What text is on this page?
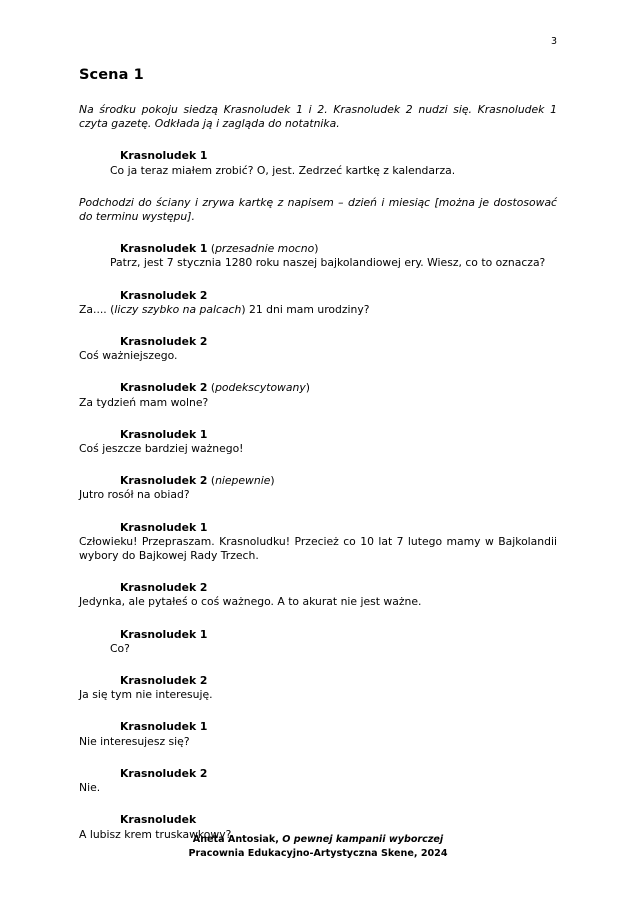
3
Scena 1

Na środku pokoju siedzą Krasnoludek 1 i 2. Krasnoludek 2 nudzi się. Krasnoludek 1 czyta gazetę. Odkłada ją i zagląda do notatnika.

Krasnoludek 1

Co ja teraz miałem zrobić? O, jest. Zedrzeć kartkę z kalendarza.

Podchodzi do ściany i zrywa kartkę z napisem – dzień i miesiąc [można je dostosować do terminu występu].

Krasnoludek 1 (przesadnie mocno)

Patrz, jest 7 stycznia 1280 roku naszej bajkolandiowej ery. Wiesz, co to oznacza?

Krasnoludek 2

Za.... (liczy szybko na palcach) 21 dni mam urodziny?

Krasnoludek 2

Coś ważniejszego.

Krasnoludek 2 (podekscytowany)

Za tydzień mam wolne?

Krasnoludek 1

Coś jeszcze bardziej ważnego!

Krasnoludek 2 (niepewnie)

Jutro rosół na obiad?

Krasnoludek 1

Człowieku! Przepraszam. Krasnoludku! Przecież co 10 lat 7 lutego mamy w Bajkolandii wybory do Bajkowej Rady Trzech.

Krasnoludek 2

Jedynka, ale pytałeś o coś ważnego. A to akurat nie jest ważne.

Krasnoludek 1

Co?

Krasnoludek 2

Ja się tym nie interesuję.

Krasnoludek 1

Nie interesujesz się?

Krasnoludek 2

Nie.

Krasnoludek

A lubisz krem truskawkowy?

Aneta Antosiak, O pewnej kampanii wyborczej
Pracownia Edukacyjno-Artystyczna Skene, 2024
